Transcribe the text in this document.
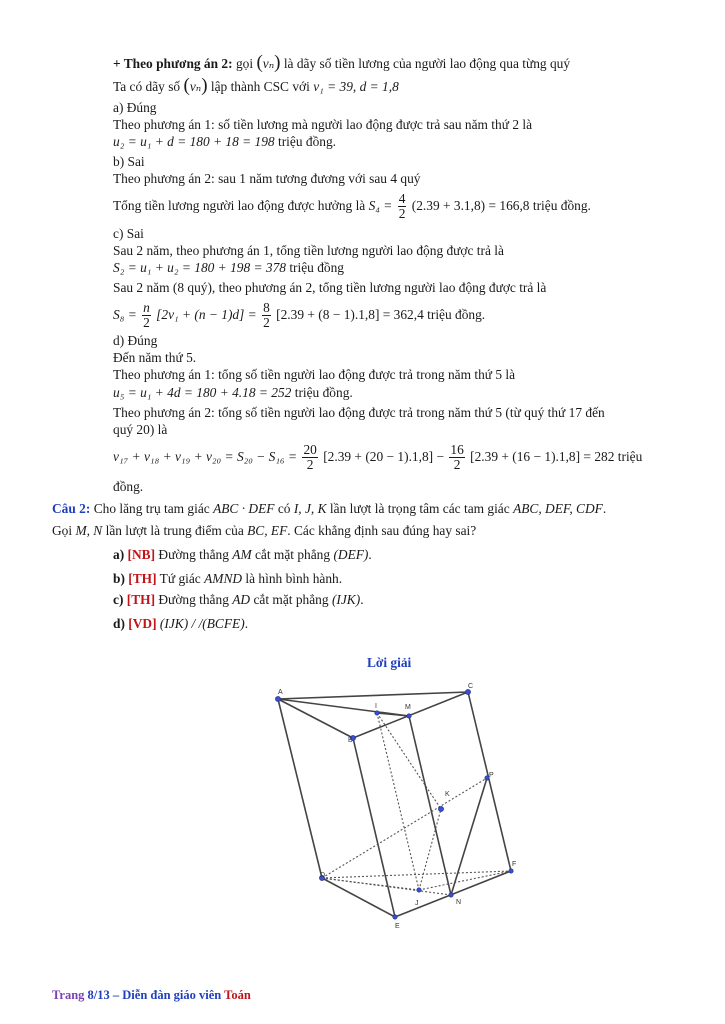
+ Theo phương án 2: gọi (vₙ) là dãy số tiền lương của người lao động qua từng quý
Ta có dãy số (vₙ) lập thành CSC với v₁ = 39, d = 1,8
a) Đúng
Theo phương án 1: số tiền lương mà người lao động được trả sau năm thứ 2 là
u₂ = u₁ + d = 180 + 18 = 198 triệu đồng.
b) Sai
Theo phương án 2: sau 1 năm tương đương với sau 4 quý
Tổng tiền lương người lao động được hưởng là $S_4 = \frac{4}{2} (2.39 + 3.1,8) = 166,8$ triệu đồng.
c) Sai
Sau 2 năm, theo phương án 1, tổng tiền lương người lao động được trả là
S₂ = u₁ + u₂ = 180 + 198 = 378 triệu đồng
Sau 2 năm (8 quý), theo phương án 2, tổng tiền lương người lao động được trả là
$S_8 = \frac{n}{2} [2v_1 + (n - 1)d] = \frac{8}{2} [2.39 + (8 - 1).1,8] = 362,4$ triệu đồng.
d) Đúng
Đến năm thứ 5.
Theo phương án 1: tổng số tiền người lao động được trả trong năm thứ 5 là
u₅ = u₁ + 4d = 180 + 4.18 = 252 triệu đồng.
Theo phương án 2: tổng số tiền người lao động được trả trong năm thứ 5 (từ quý thứ 17 đến
quý 20) là
$v_{17} + v_{18} + v_{19} + v_{20} = S_{20} - S_{16} = \frac{20}{2} [2.39 + (20 - 1).1,8] - \frac{16}{2} [2.39 + (16 - 1).1,8] = 282$ triệu
đồng.
Câu 2: Cho lăng trụ tam giác ABC · DEF có I, J, K lần lượt là trọng tâm các tam giác ABC, DEF, CDF.
Gọi M, N lần lượt là trung điểm của BC, EF. Các khẳng định sau đúng hay sai?
a) [NB] Đường thẳng AM cắt mặt phẳng (DEF).
b) [TH] Tứ giác AMND là hình bình hành.
c) [TH] Đường thẳng AD cắt mặt phẳng (IJK).
d) [VD] (IJK) / /(BCFE).
Lời giải
A
B
C
D
E
F
I
J
K
M
N
P
Trang 8/13 – Diễn đàn giáo viên Toán
